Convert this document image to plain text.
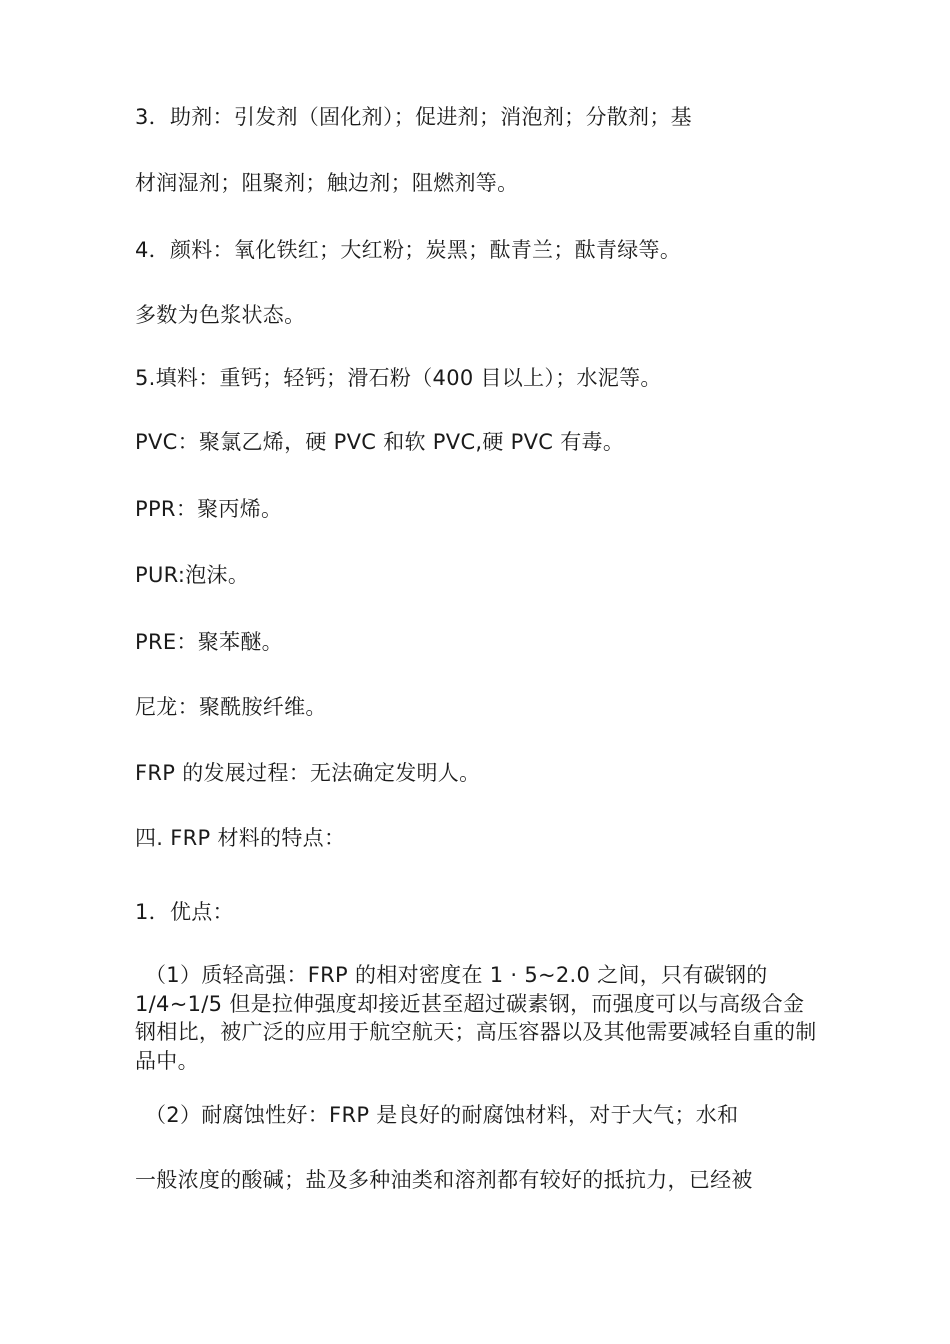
3．助剂：引发剂（固化剂）；促进剂；消泡剂；分散剂；基
材润湿剂；阻聚剂；触边剂；阻燃剂等。
4．颜料：氧化铁红；大红粉；炭黑；酞青兰；酞青绿等。
多数为色浆状态。
5.填料：重钙；轻钙；滑石粉（400 目以上）；水泥等。
PVC：聚氯乙烯，硬 PVC 和软 PVC,硬 PVC 有毒。
PPR：聚丙烯。
PUR:泡沫。
PRE：聚苯醚。
尼龙：聚酰胺纤维。
FRP 的发展过程：无法确定发明人。
四. FRP 材料的特点：
1．优点：
（1）质轻高强：FRP 的相对密度在 1 · 5~2.0 之间，只有碳钢的 1/4~1/5 但是拉伸强度却接近甚至超过碳素钢，而强度可以与高级合金钢相比，被广泛的应用于航空航天；高压容器以及其他需要减轻自重的制品中。
（2）耐腐蚀性好：FRP 是良好的耐腐蚀材料，对于大气；水和
一般浓度的酸碱；盐及多种油类和溶剂都有较好的抵抗力，已经被
